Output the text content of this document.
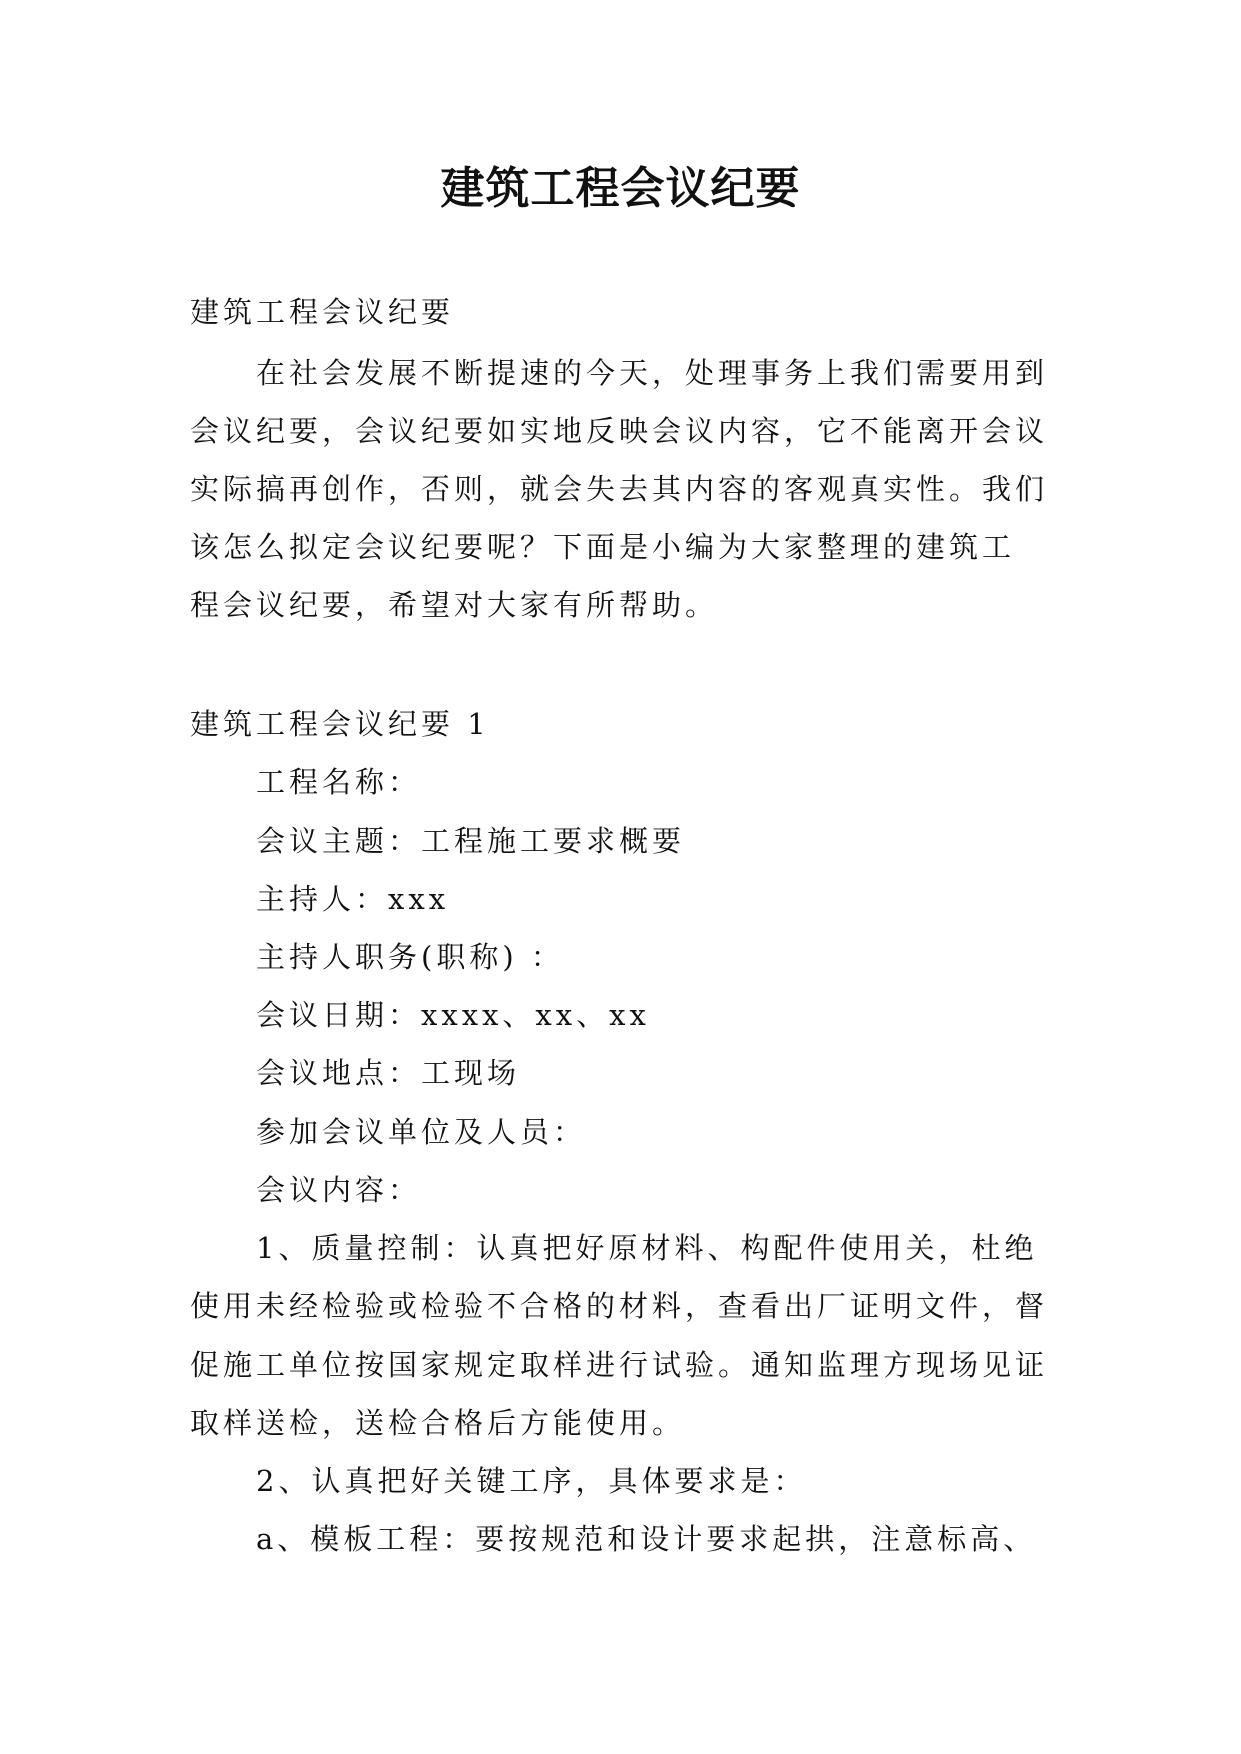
建筑工程会议纪要
建筑工程会议纪要
在社会发展不断提速的今天，处理事务上我们需要用到
会议纪要，会议纪要如实地反映会议内容，它不能离开会议
实际搞再创作，否则，就会失去其内容的客观真实性。我们
该怎么拟定会议纪要呢？下面是小编为大家整理的建筑工
程会议纪要，希望对大家有所帮助。
建筑工程会议纪要 1
工程名称：
会议主题：工程施工要求概要
主持人：xxx
主持人职务(职称) ：
会议日期：xxxx、xx、xx
会议地点：工现场
参加会议单位及人员：
会议内容：
1、质量控制：认真把好原材料、构配件使用关，杜绝
使用未经检验或检验不合格的材料，查看出厂证明文件，督
促施工单位按国家规定取样进行试验。通知监理方现场见证
取样送检，送检合格后方能使用。
2、认真把好关键工序，具体要求是：
a、模板工程：要按规范和设计要求起拱，注意标高、
